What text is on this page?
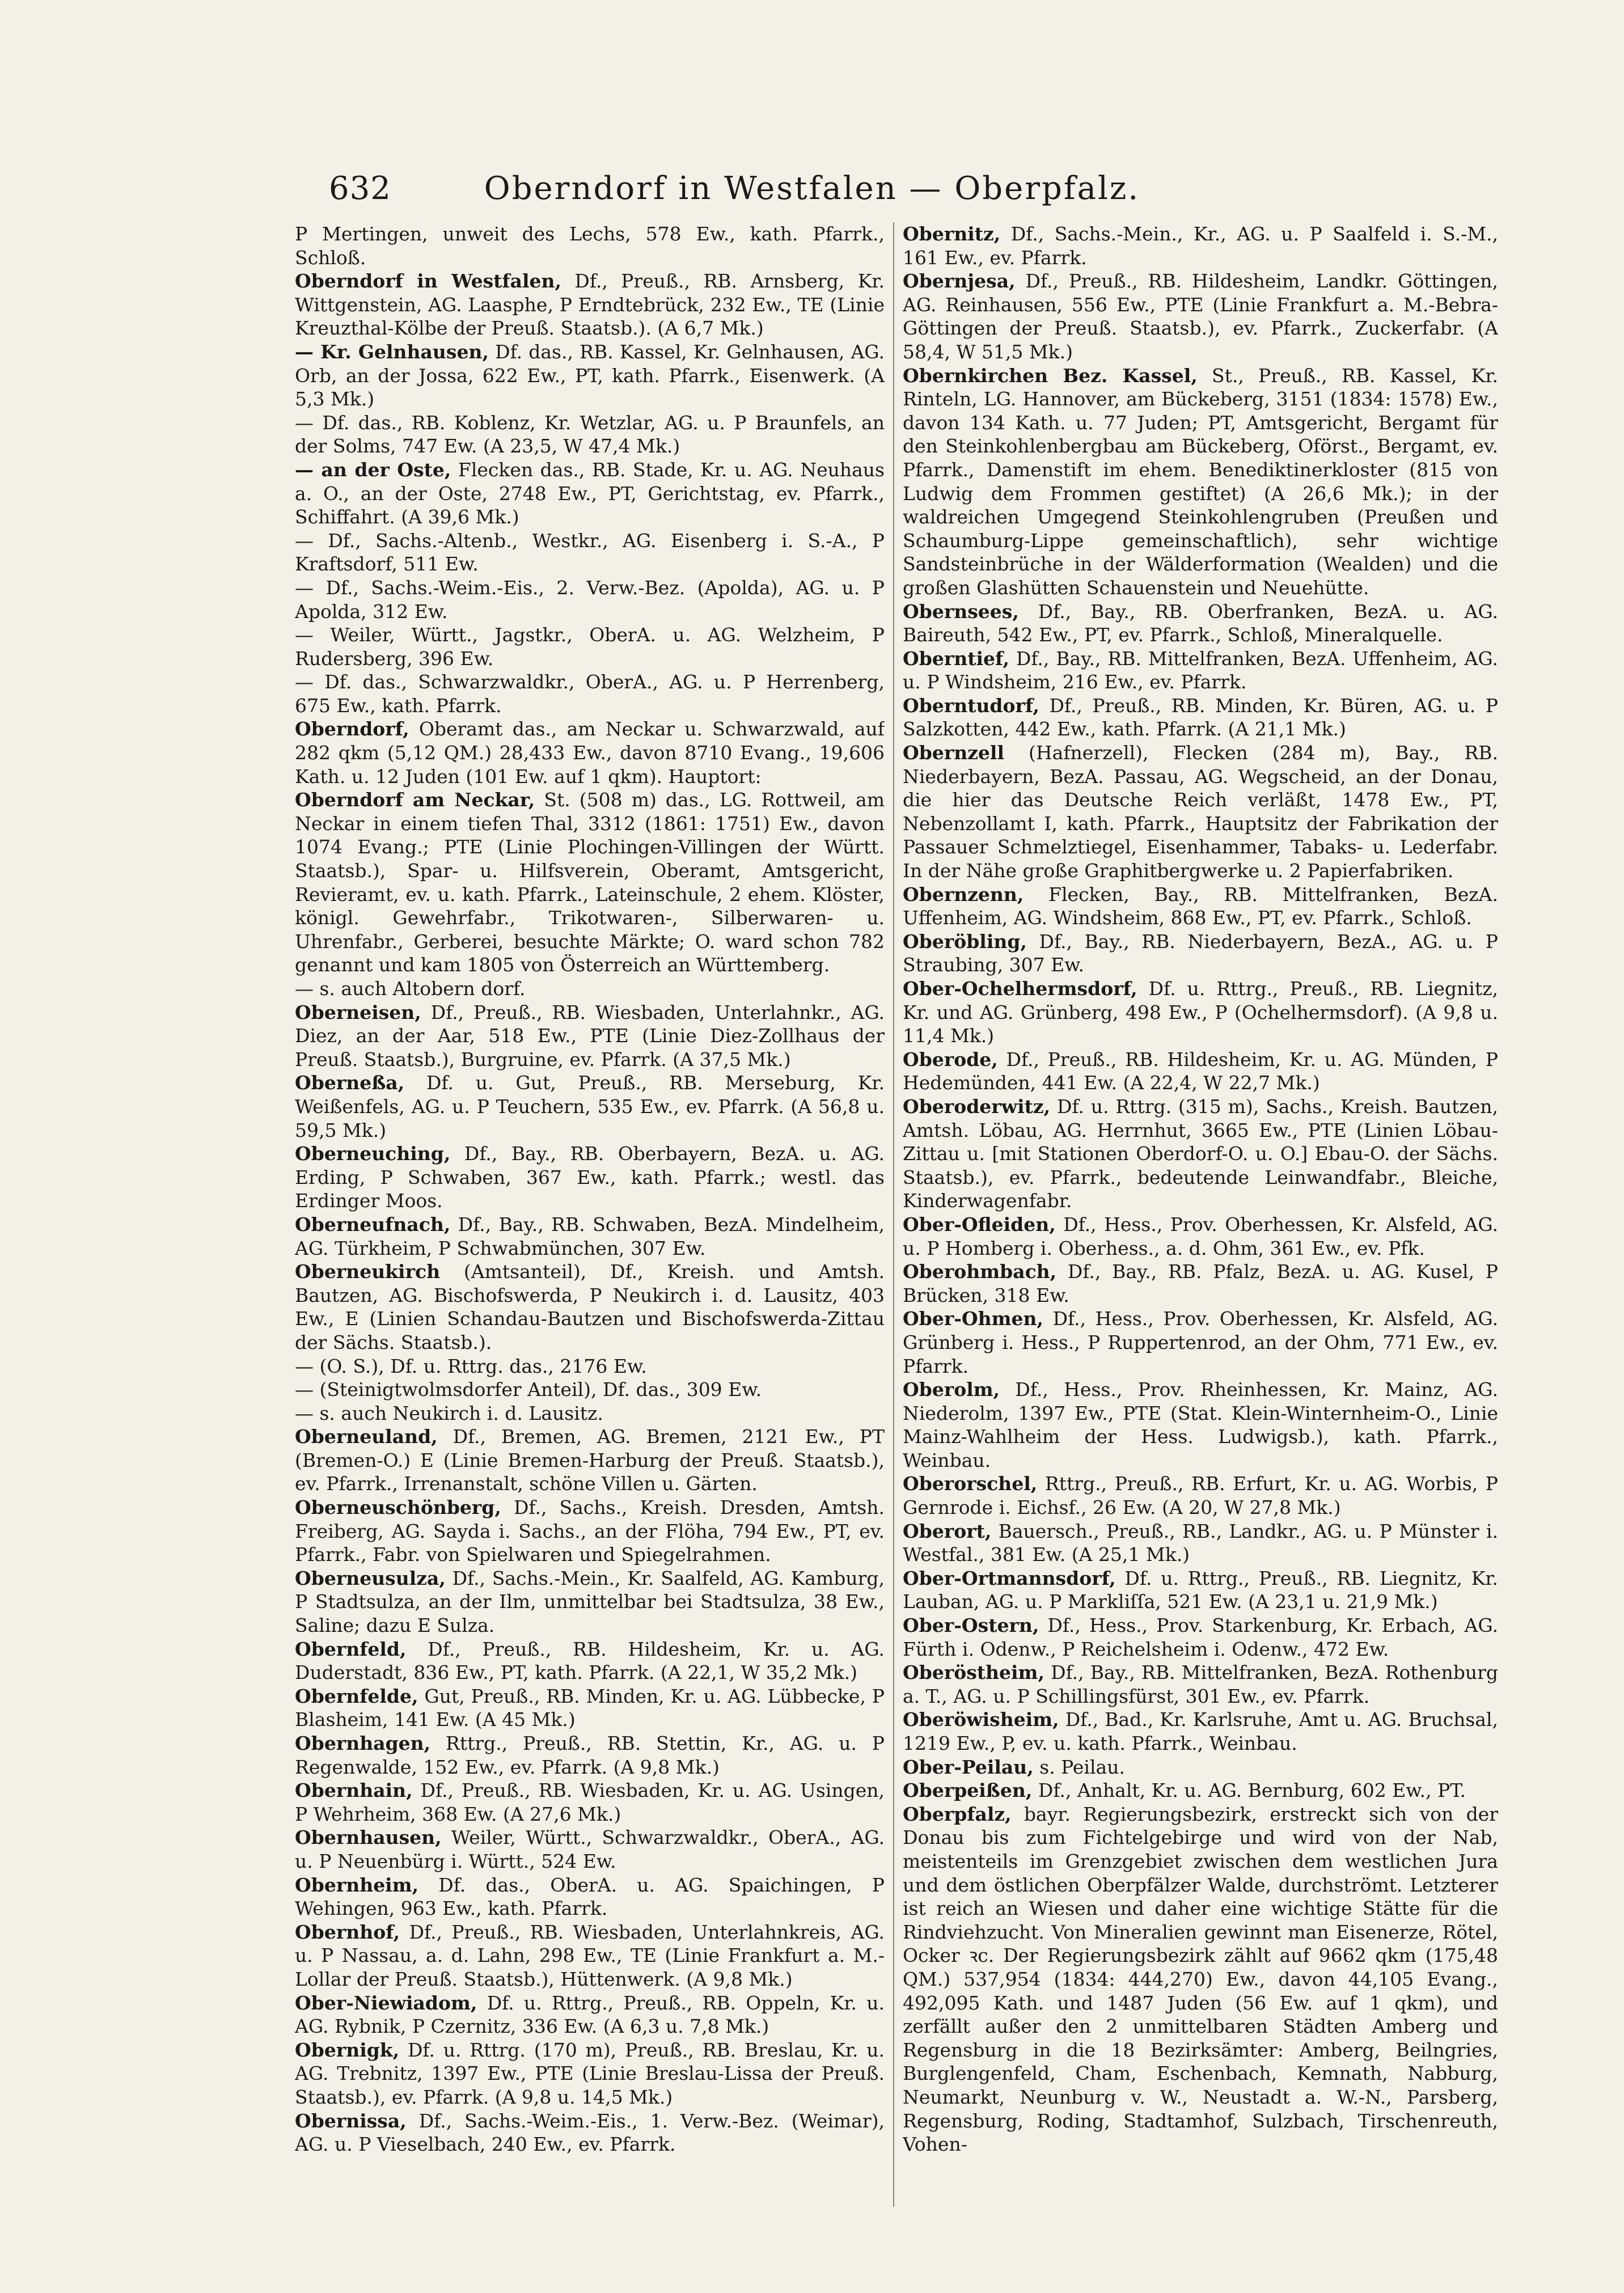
632	Oberndorf in Westfalen — Oberpfalz.

P Mertingen, unweit des Lechs, 578 Ew., kath. Pfarrk., Schloß.

Oberndorf in Westfalen, Df., Preuß., RB. Arnsberg, Kr. Wittgenstein, AG. Laasphe, P Erndtebrück, 232 Ew., TE (Linie Kreuzthal-Kölbe der Preuß. Staatsb.). (A 6,7 Mk.)

— Kr. Gelnhausen, Df. das., RB. Kassel, Kr. Gelnhausen, AG. Orb, an der Jossa, 622 Ew., PT, kath. Pfarrk., Eisenwerk. (A 5,3 Mk.)

— Df. das., RB. Koblenz, Kr. Wetzlar, AG. u. P Braunfels, an der Solms, 747 Ew. (A 23,5, W 47,4 Mk.)

— an der Oste, Flecken das., RB. Stade, Kr. u. AG. Neuhaus a. O., an der Oste, 2748 Ew., PT, Gerichtstag, ev. Pfarrk., Schiffahrt. (A 39,6 Mk.)

— Df., Sachs.-Altenb., Westkr., AG. Eisenberg i. S.-A., P Kraftsdorf, 511 Ew.

— Df., Sachs.-Weim.-Eis., 2. Verw.-Bez. (Apolda), AG. u. P Apolda, 312 Ew.

— Weiler, Württ., Jagstkr., OberA. u. AG. Welzheim, P Rudersberg, 396 Ew.

— Df. das., Schwarzwaldkr., OberA., AG. u. P Herrenberg, 675 Ew., kath. Pfarrk.

Oberndorf, Oberamt das., am Neckar u. Schwarzwald, auf 282 qkm (5,12 QM.) 28,433 Ew., davon 8710 Evang., 19,606 Kath. u. 12 Juden (101 Ew. auf 1 qkm). Hauptort:

Oberndorf am Neckar, St. (508 m) das., LG. Rottweil, am Neckar in einem tiefen Thal, 3312 (1861: 1751) Ew., davon 1074 Evang.; PTE (Linie Plochingen-Villingen der Württ. Staatsb.), Spar- u. Hilfsverein, Oberamt, Amtsgericht, Revieramt, ev. u. kath. Pfarrk., Lateinschule, 2 ehem. Klöster, königl. Gewehrfabr., Trikotwaren-, Silberwaren- u. Uhrenfabr., Gerberei, besuchte Märkte; O. ward schon 782 genannt und kam 1805 von Österreich an Württemberg.

— s. auch Altobern dorf.

Oberneisen, Df., Preuß., RB. Wiesbaden, Unterlahnkr., AG. Diez, an der Aar, 518 Ew., PTE (Linie Diez-Zollhaus der Preuß. Staatsb.), Burgruine, ev. Pfarrk. (A 37,5 Mk.)

Oberneßa, Df. u. Gut, Preuß., RB. Merseburg, Kr. Weißenfels, AG. u. P Teuchern, 535 Ew., ev. Pfarrk. (A 56,8 u. 59,5 Mk.)

Oberneuching, Df., Bay., RB. Oberbayern, BezA. u. AG. Erding, P Schwaben, 367 Ew., kath. Pfarrk.; westl. das Erdinger Moos.

Oberneufnach, Df., Bay., RB. Schwaben, BezA. Mindelheim, AG. Türkheim, P Schwabmünchen, 307 Ew.

Oberneukirch (Amtsanteil), Df., Kreish. und Amtsh. Bautzen, AG. Bischofswerda, P Neukirch i. d. Lausitz, 403 Ew., E (Linien Schandau-Bautzen und Bischofswerda-Zittau der Sächs. Staatsb.).

— (O. S.), Df. u. Rttrg. das., 2176 Ew.

— (Steinigtwolmsdorfer Anteil), Df. das., 309 Ew.

— s. auch Neukirch i. d. Lausitz.

Oberneuland, Df., Bremen, AG. Bremen, 2121 Ew., PT (Bremen-O.) E (Linie Bremen-Harburg der Preuß. Staatsb.), ev. Pfarrk., Irrenanstalt, schöne Villen u. Gärten.

Oberneuschönberg, Df., Sachs., Kreish. Dresden, Amtsh. Freiberg, AG. Sayda i. Sachs., an der Flöha, 794 Ew., PT, ev. Pfarrk., Fabr. von Spielwaren und Spiegelrahmen.

Oberneusulza, Df., Sachs.-Mein., Kr. Saalfeld, AG. Kamburg, P Stadtsulza, an der Ilm, unmittelbar bei Stadtsulza, 38 Ew., Saline; dazu E Sulza.

Obernfeld, Df., Preuß., RB. Hildesheim, Kr. u. AG. Duderstadt, 836 Ew., PT, kath. Pfarrk. (A 22,1, W 35,2 Mk.)

Obernfelde, Gut, Preuß., RB. Minden, Kr. u. AG. Lübbecke, P Blasheim, 141 Ew. (A 45 Mk.)

Obernhagen, Rttrg., Preuß., RB. Stettin, Kr., AG. u. P Regenwalde, 152 Ew., ev. Pfarrk. (A 9,8 Mk.)

Obernhain, Df., Preuß., RB. Wiesbaden, Kr. u. AG. Usingen, P Wehrheim, 368 Ew. (A 27,6 Mk.)

Obernhausen, Weiler, Württ., Schwarzwaldkr., OberA., AG. u. P Neuenbürg i. Württ., 524 Ew.

Obernheim, Df. das., OberA. u. AG. Spaichingen, P Wehingen, 963 Ew., kath. Pfarrk.

Obernhof, Df., Preuß., RB. Wiesbaden, Unterlahnkreis, AG. u. P Nassau, a. d. Lahn, 298 Ew., TE (Linie Frankfurt a. M.-Lollar der Preuß. Staatsb.), Hüttenwerk. (A 9,8 Mk.)

Ober-Niewiadom, Df. u. Rttrg., Preuß., RB. Oppeln, Kr. u. AG. Rybnik, P Czernitz, 336 Ew. (A 6,3 u. 7,8 Mk.)

Obernigk, Df. u. Rttrg. (170 m), Preuß., RB. Breslau, Kr. u. AG. Trebnitz, 1397 Ew., PTE (Linie Breslau-Lissa der Preuß. Staatsb.), ev. Pfarrk. (A 9,8 u. 14,5 Mk.)

Obernissa, Df., Sachs.-Weim.-Eis., 1. Verw.-Bez. (Weimar), AG. u. P Vieselbach, 240 Ew., ev. Pfarrk.

Obernitz, Df., Sachs.-Mein., Kr., AG. u. P Saalfeld i. S.-M., 161 Ew., ev. Pfarrk.

Obernjesa, Df., Preuß., RB. Hildesheim, Landkr. Göttingen, AG. Reinhausen, 556 Ew., PTE (Linie Frankfurt a. M.-Bebra-Göttingen der Preuß. Staatsb.), ev. Pfarrk., Zuckerfabr. (A 58,4, W 51,5 Mk.)

Obernkirchen Bez. Kassel, St., Preuß., RB. Kassel, Kr. Rinteln, LG. Hannover, am Bückeberg, 3151 (1834: 1578) Ew., davon 134 Kath. u. 77 Juden; PT, Amtsgericht, Bergamt für den Steinkohlenbergbau am Bückeberg, Oförst., Bergamt, ev. Pfarrk., Damenstift im ehem. Benediktinerkloster (815 von Ludwig dem Frommen gestiftet) (A 26,6 Mk.); in der waldreichen Umgegend Steinkohlengruben (Preußen und Schaumburg-Lippe gemeinschaftlich), sehr wichtige Sandsteinbrüche in der Wälderformation (Wealden) und die großen Glashütten Schauenstein und Neuehütte.

Obernsees, Df., Bay., RB. Oberfranken, BezA. u. AG. Baireuth, 542 Ew., PT, ev. Pfarrk., Schloß, Mineralquelle.

Oberntief, Df., Bay., RB. Mittelfranken, BezA. Uffenheim, AG. u. P Windsheim, 216 Ew., ev. Pfarrk.

Oberntudorf, Df., Preuß., RB. Minden, Kr. Büren, AG. u. P Salzkotten, 442 Ew., kath. Pfarrk. (A 21,1 Mk.)

Obernzell (Hafnerzell), Flecken (284 m), Bay., RB. Niederbayern, BezA. Passau, AG. Wegscheid, an der Donau, die hier das Deutsche Reich verläßt, 1478 Ew., PT, Nebenzollamt I, kath. Pfarrk., Hauptsitz der Fabrikation der Passauer Schmelztiegel, Eisenhammer, Tabaks- u. Lederfabr. In der Nähe große Graphitbergwerke u. 2 Papierfabriken.

Obernzenn, Flecken, Bay., RB. Mittelfranken, BezA. Uffenheim, AG. Windsheim, 868 Ew., PT, ev. Pfarrk., Schloß.

Oberöbling, Df., Bay., RB. Niederbayern, BezA., AG. u. P Straubing, 307 Ew.

Ober-Ochelhermsdorf, Df. u. Rttrg., Preuß., RB. Liegnitz, Kr. und AG. Grünberg, 498 Ew., P (Ochelhermsdorf). (A 9,8 u. 11,4 Mk.)

Oberode, Df., Preuß., RB. Hildesheim, Kr. u. AG. Münden, P Hedemünden, 441 Ew. (A 22,4, W 22,7 Mk.)

Oberoderwitz, Df. u. Rttrg. (315 m), Sachs., Kreish. Bautzen, Amtsh. Löbau, AG. Herrnhut, 3665 Ew., PTE (Linien Löbau-Zittau u. [mit Stationen Oberdorf-O. u. O.] Ebau-O. der Sächs. Staatsb.), ev. Pfarrk., bedeutende Leinwandfabr., Bleiche, Kinderwagenfabr.

Ober-Ofleiden, Df., Hess., Prov. Oberhessen, Kr. Alsfeld, AG. u. P Homberg i. Oberhess., a. d. Ohm, 361 Ew., ev. Pfk.

Oberohmbach, Df., Bay., RB. Pfalz, BezA. u. AG. Kusel, P Brücken, 318 Ew.

Ober-Ohmen, Df., Hess., Prov. Oberhessen, Kr. Alsfeld, AG. Grünberg i. Hess., P Ruppertenrod, an der Ohm, 771 Ew., ev. Pfarrk.

Oberolm, Df., Hess., Prov. Rheinhessen, Kr. Mainz, AG. Niederolm, 1397 Ew., PTE (Stat. Klein-Winternheim-O., Linie Mainz-Wahlheim der Hess. Ludwigsb.), kath. Pfarrk., Weinbau.

Oberorschel, Rttrg., Preuß., RB. Erfurt, Kr. u. AG. Worbis, P Gernrode i. Eichsf., 26 Ew. (A 20, W 27,8 Mk.)

Oberort, Bauersch., Preuß., RB., Landkr., AG. u. P Münster i. Westfal., 381 Ew. (A 25,1 Mk.)

Ober-Ortmannsdorf, Df. u. Rttrg., Preuß., RB. Liegnitz, Kr. Lauban, AG. u. P Markliſſa, 521 Ew. (A 23,1 u. 21,9 Mk.)

Ober-Ostern, Df., Hess., Prov. Starkenburg, Kr. Erbach, AG. Fürth i. Odenw., P Reichelsheim i. Odenw., 472 Ew.

Oberöstheim, Df., Bay., RB. Mittelfranken, BezA. Rothenburg a. T., AG. u. P Schillingsfürst, 301 Ew., ev. Pfarrk.

Oberöwisheim, Df., Bad., Kr. Karlsruhe, Amt u. AG. Bruchsal, 1219 Ew., P, ev. u. kath. Pfarrk., Weinbau.

Ober-Peilau, s. Peilau.

Oberpeißen, Df., Anhalt, Kr. u. AG. Bernburg, 602 Ew., PT.

Oberpfalz, bayr. Regierungsbezirk, erstreckt sich von der Donau bis zum Fichtelgebirge und wird von der Nab, meistenteils im Grenzgebiet zwischen dem westlichen Jura und dem östlichen Oberpfälzer Walde, durchströmt. Letzterer ist reich an Wiesen und daher eine wichtige Stätte für die Rindviehzucht. Von Mineralien gewinnt man Eisenerze, Rötel, Ocker ꝛc. Der Regierungsbezirk zählt auf 9662 qkm (175,48 QM.) 537,954 (1834: 444,270) Ew., davon 44,105 Evang., 492,095 Kath. und 1487 Juden (56 Ew. auf 1 qkm), und zerfällt außer den 2 unmittelbaren Städten Amberg und Regensburg in die 18 Bezirksämter: Amberg, Beilngries, Burglengenfeld, Cham, Eschenbach, Kemnath, Nabburg, Neumarkt, Neunburg v. W., Neustadt a. W.-N., Parsberg, Regensburg, Roding, Stadtamhof, Sulzbach, Tirschenreuth, Vohen-
